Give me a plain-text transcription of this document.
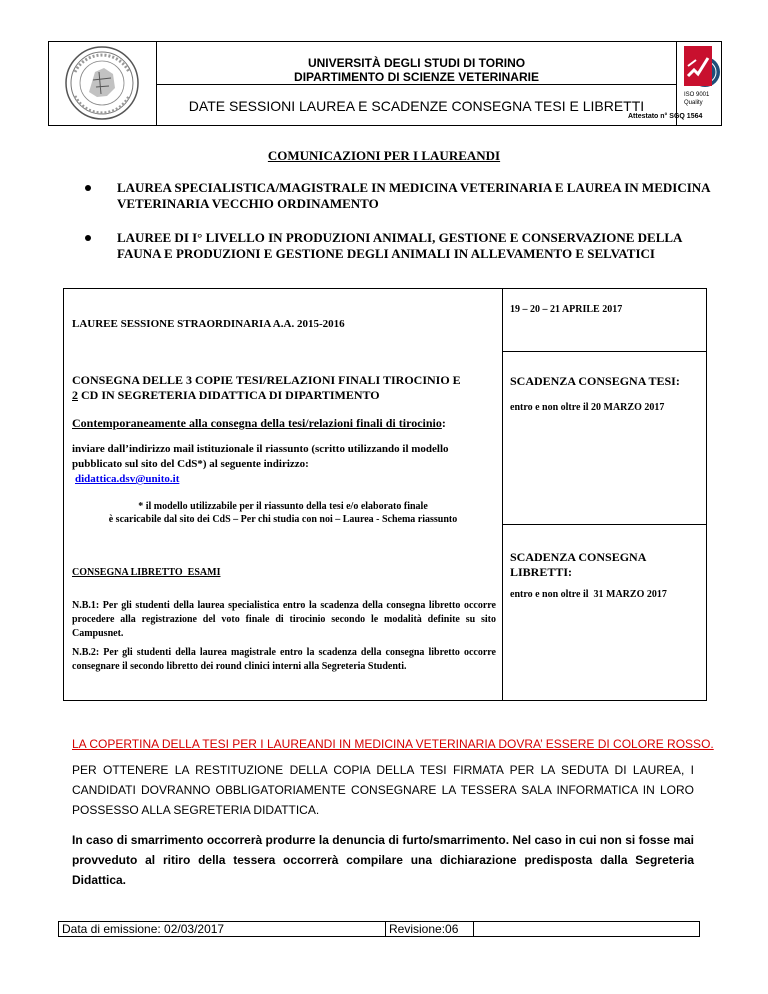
UNIVERSITÀ DEGLI STUDI DI TORINO
DIPARTIMENTO DI SCIENZE VETERINARIE
DATE SESSIONI LAUREA E SCADENZE CONSEGNA TESI E LIBRETTI
ISO 9001
Quality
Attestato n° SGQ 1564
COMUNICAZIONI PER I LAUREANDI
LAUREA SPECIALISTICA/MAGISTRALE IN MEDICINA VETERINARIA E LAUREA IN MEDICINA VETERINARIA VECCHIO ORDINAMENTO
LAUREE DI I° LIVELLO IN PRODUZIONI ANIMALI, GESTIONE E CONSERVAZIONE DELLA FAUNA E PRODUZIONI E GESTIONE DEGLI ANIMALI IN ALLEVAMENTO E SELVATICI
LAUREE SESSIONE STRAORDINARIA A.A. 2015-2016
CONSEGNA DELLE 3 COPIE TESI/RELAZIONI FINALI TIROCINIO E
2 CD IN SEGRETERIA DIDATTICA DI DIPARTIMENTO
Contemporaneamente alla consegna della tesi/relazioni finali di tirocinio:
inviare dall’indirizzo mail istituzionale il riassunto (scritto utilizzando il modello pubblicato sul sito del CdS*) al seguente indirizzo:
didattica.dsv@unito.it
* il modello utilizzabile per il riassunto della tesi e/o elaborato finale
è scaricabile dal sito dei CdS – Per chi studia con noi – Laurea - Schema riassunto
CONSEGNA LIBRETTO  ESAMI
N.B.1: Per gli studenti della laurea specialistica entro la scadenza della consegna libretto occorre procedere alla registrazione del voto finale di tirocinio secondo le modalità definite su sito Campusnet.
N.B.2: Per gli studenti della laurea magistrale entro la scadenza della consegna libretto occorre consegnare il secondo libretto dei round clinici interni alla Segreteria Studenti.
19 – 20 – 21 APRILE 2017
SCADENZA CONSEGNA TESI:
entro e non oltre il 20 MARZO 2017
SCADENZA CONSEGNA
LIBRETTI:
entro e non oltre il  31 MARZO 2017
LA COPERTINA DELLA TESI PER I LAUREANDI IN MEDICINA VETERINARIA DOVRA’ ESSERE DI COLORE ROSSO.
PER OTTENERE LA RESTITUZIONE DELLA COPIA DELLA TESI FIRMATA PER LA SEDUTA DI LAUREA, I CANDIDATI DOVRANNO OBBLIGATORIAMENTE CONSEGNARE LA TESSERA SALA INFORMATICA IN LORO POSSESSO ALLA SEGRETERIA DIDATTICA.
In caso di smarrimento occorrerà produrre la denuncia di furto/smarrimento. Nel caso in cui non si fosse mai provveduto al ritiro della tessera occorrerà compilare una dichiarazione predisposta dalla Segreteria Didattica.
Data di emissione: 02/03/2017	Revisione:06
